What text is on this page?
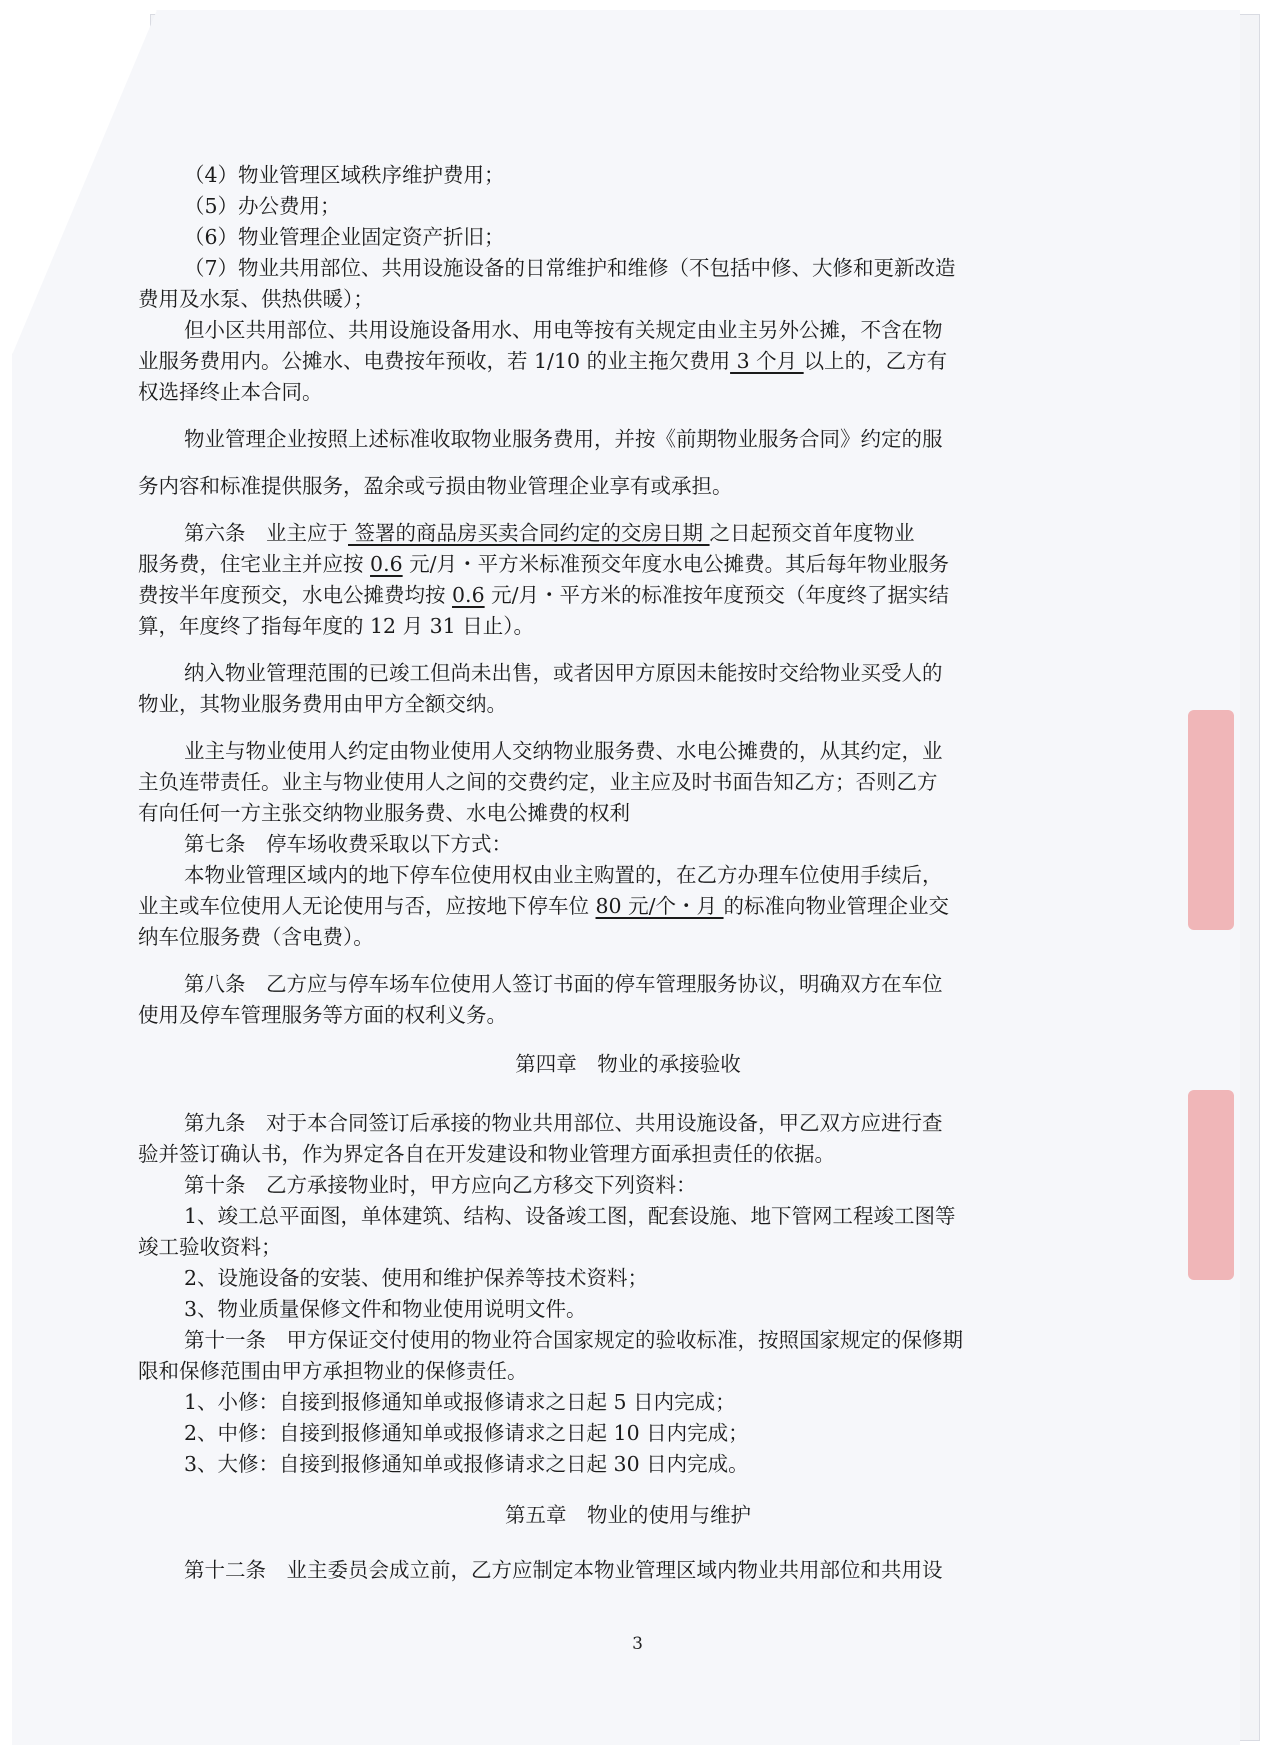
（4）物业管理区域秩序维护费用；
（5）办公费用；
（6）物业管理企业固定资产折旧；
（7）物业共用部位、共用设施设备的日常维护和维修（不包括中修、大修和更新改造
费用及水泵、供热供暖）；
但小区共用部位、共用设施设备用水、用电等按有关规定由业主另外公摊，不含在物
业服务费用内。公摊水、电费按年预收，若 1/10 的业主拖欠费用 3 个月 以上的，乙方有
权选择终止本合同。
物业管理企业按照上述标准收取物业服务费用，并按《前期物业服务合同》约定的服
务内容和标准提供服务，盈余或亏损由物业管理企业享有或承担。
第六条　业主应于 签署的商品房买卖合同约定的交房日期 之日起预交首年度物业
服务费，住宅业主并应按 0.6 元/月・平方米标准预交年度水电公摊费。其后每年物业服务
费按半年度预交，水电公摊费均按 0.6 元/月・平方米的标准按年度预交（年度终了据实结
算，年度终了指每年度的 12 月 31 日止）。
纳入物业管理范围的已竣工但尚未出售，或者因甲方原因未能按时交给物业买受人的
物业，其物业服务费用由甲方全额交纳。
业主与物业使用人约定由物业使用人交纳物业服务费、水电公摊费的，从其约定，业
主负连带责任。业主与物业使用人之间的交费约定，业主应及时书面告知乙方；否则乙方
有向任何一方主张交纳物业服务费、水电公摊费的权利
第七条　停车场收费采取以下方式：
本物业管理区域内的地下停车位使用权由业主购置的，在乙方办理车位使用手续后，
业主或车位使用人无论使用与否，应按地下停车位 80 元/个・月 的标准向物业管理企业交
纳车位服务费（含电费）。
第八条　乙方应与停车场车位使用人签订书面的停车管理服务协议，明确双方在车位
使用及停车管理服务等方面的权利义务。
第四章　物业的承接验收
第九条　对于本合同签订后承接的物业共用部位、共用设施设备，甲乙双方应进行查
验并签订确认书，作为界定各自在开发建设和物业管理方面承担责任的依据。
第十条　乙方承接物业时，甲方应向乙方移交下列资料：
1、竣工总平面图，单体建筑、结构、设备竣工图，配套设施、地下管网工程竣工图等
竣工验收资料；
2、设施设备的安装、使用和维护保养等技术资料；
3、物业质量保修文件和物业使用说明文件。
第十一条　甲方保证交付使用的物业符合国家规定的验收标准，按照国家规定的保修期
限和保修范围由甲方承担物业的保修责任。
1、小修：自接到报修通知单或报修请求之日起 5 日内完成；
2、中修：自接到报修通知单或报修请求之日起 10 日内完成；
3、大修：自接到报修通知单或报修请求之日起 30 日内完成。
第五章　物业的使用与维护
第十二条　业主委员会成立前，乙方应制定本物业管理区域内物业共用部位和共用设
3
